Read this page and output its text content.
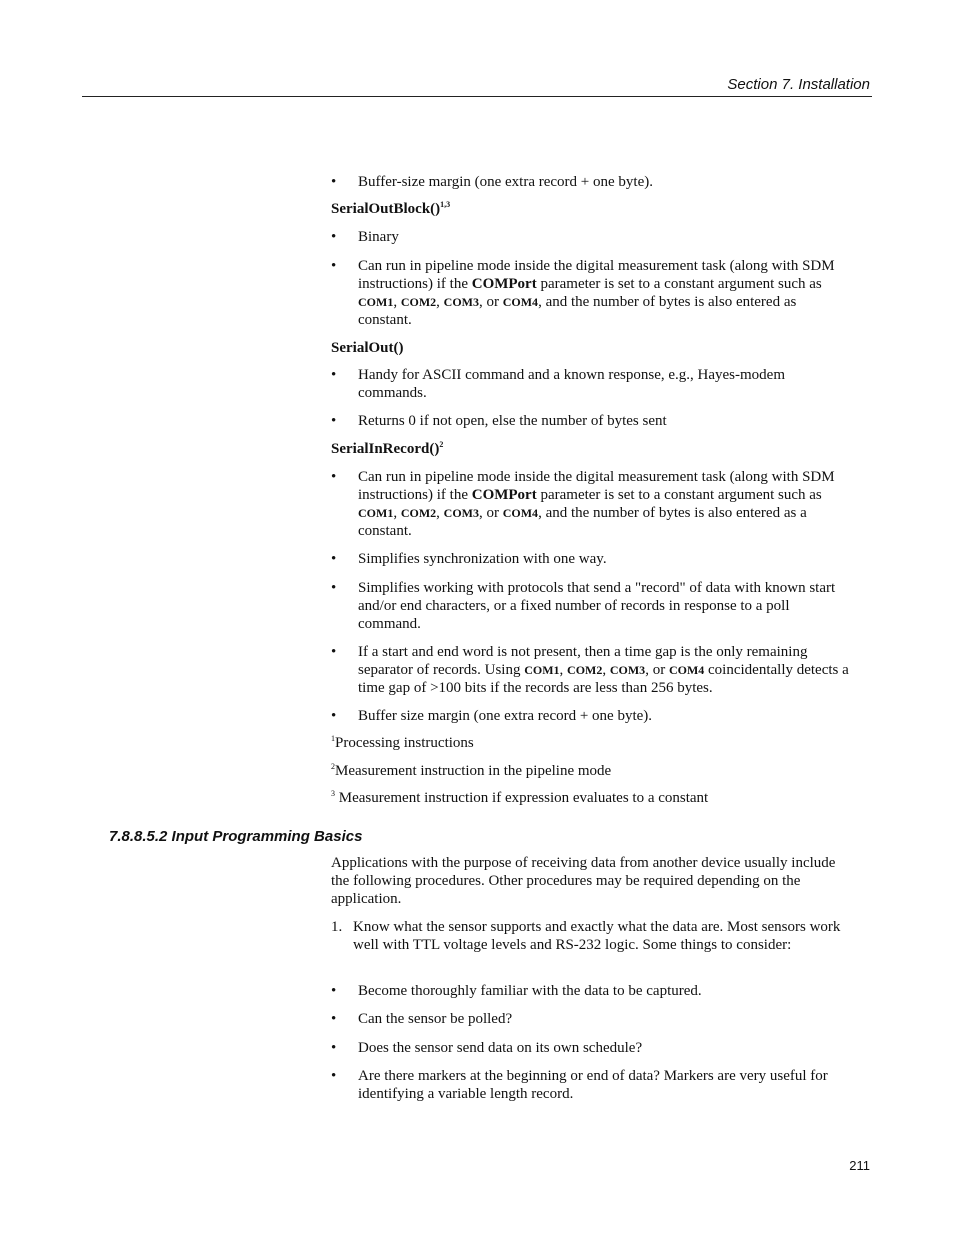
Section 7. Installation
•	Buffer-size margin (one extra record + one byte).
SerialOutBlock()$^{1,3}$
•	Binary
•	Can run in pipeline mode inside the digital measurement task (along with SDM instructions) if the COMPort parameter is set to a constant argument such as COM1, COM2, COM3, or COM4, and the number of bytes is also entered as constant.
SerialOut()
•	Handy for ASCII command and a known response, e.g., Hayes-modem commands.
•	Returns 0 if not open, else the number of bytes sent
SerialInRecord()$^2$
•	Can run in pipeline mode inside the digital measurement task (along with SDM instructions) if the COMPort parameter is set to a constant argument such as COM1, COM2, COM3, or COM4, and the number of bytes is also entered as a constant.
•	Simplifies synchronization with one way.
•	Simplifies working with protocols that send a "record" of data with known start and/or end characters, or a fixed number of records in response to a poll command.
•	If a start and end word is not present, then a time gap is the only remaining separator of records. Using COM1, COM2, COM3, or COM4 coincidentally detects a time gap of >100 bits if the records are less than 256 bytes.
•	Buffer size margin (one extra record + one byte).
$^1$Processing instructions
$^2$Measurement instruction in the pipeline mode
$^3$ Measurement instruction if expression evaluates to a constant
7.8.8.5.2 Input Programming Basics
Applications with the purpose of receiving data from another device usually include the following procedures. Other procedures may be required depending on the application.
1. Know what the sensor supports and exactly what the data are. Most sensors work well with TTL voltage levels and RS-232 logic. Some things to consider:
•	Become thoroughly familiar with the data to be captured.
•	Can the sensor be polled?
•	Does the sensor send data on its own schedule?
•	Are there markers at the beginning or end of data? Markers are very useful for identifying a variable length record.
211
